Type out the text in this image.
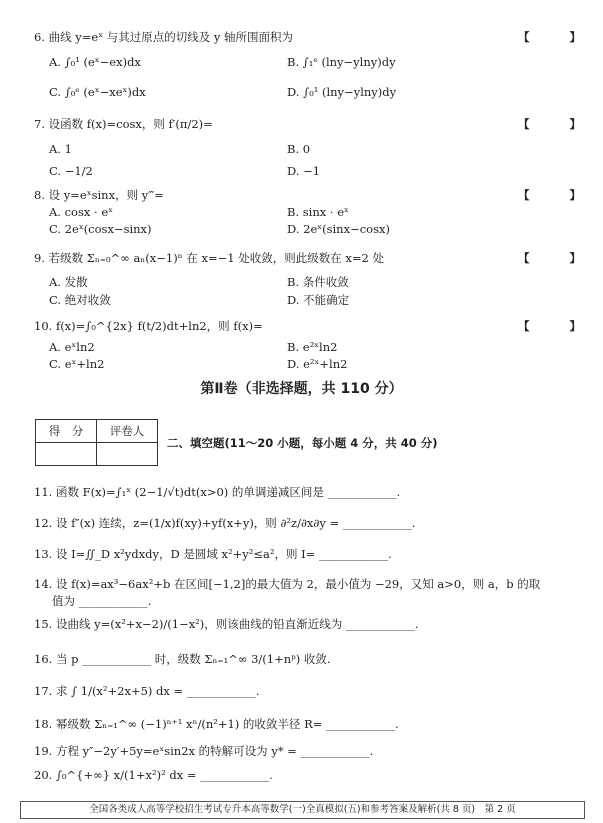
6. 曲线 y=eˣ 与其过原点的切线及 y 轴所围面积为	【 】
A. ∫₀¹ (eˣ−ex)dx	B. ∫₁ᵉ (lny−ylny)dy
C. ∫₀ᵉ (eˣ−xeˣ)dx	D. ∫₀¹ (lny−ylny)dy
7. 设函数 f(x)=cosx，则 f′(π/2)=	【 】
A. 1	B. 0
C. −1/2	D. −1
8. 设 y=eˣsinx，则 y‴=	【 】
A. cosx · eˣ	B. sinx · eˣ
C. 2eˣ(cosx−sinx)	D. 2eˣ(sinx−cosx)
9. 若级数 Σₙ₌₀^∞ aₙ(x−1)ⁿ 在 x=−1 处收敛，则此级数在 x=2 处	【 】
A. 发散	B. 条件收敛
C. 绝对收敛	D. 不能确定
10. f(x)=∫₀^{2x} f(t/2)dt+ln2，则 f(x)=	【 】
A. eˣln2	B. e²ˣln2
C. eˣ+ln2	D. e²ˣ+ln2
第Ⅱ卷（非选择题，共 110 分）
得　分	评卷人

二、填空题(11～20 小题，每小题 4 分，共 40 分)
11. 函数 F(x)=∫₁ˣ (2−1/√t)dt(x>0) 的单调递减区间是 ____________.
12. 设 f″(x) 连续，z=(1/x)f(xy)+yf(x+y)，则 ∂²z/∂x∂y = ____________.
13. 设 I=∬_D x²ydxdy，D 是圆域 x²+y²≤a²，则 I= ____________.
14. 设 f(x)=ax³−6ax²+b 在区间[−1,2]的最大值为 2，最小值为 −29，又知 a>0，则 a，b 的取
值为 ____________.
15. 设曲线 y=(x²+x−2)/(1−x²)，则该曲线的铅直渐近线为 ____________.
16. 当 p ____________ 时，级数 Σₙ₌₁^∞ 3/(1+nᵖ) 收敛.
17. 求 ∫ 1/(x²+2x+5) dx = ____________.
18. 幂级数 Σₙ₌₁^∞ (−1)ⁿ⁺¹ xⁿ/(n²+1) 的收敛半径 R= ____________.
19. 方程 y″−2y′+5y=eˣsin2x 的特解可设为 y* = ____________.
20. ∫₀^{+∞} x/(1+x²)² dx = ____________.
全国各类成人高等学校招生考试专升本高等数学(一)全真模拟(五)和参考答案及解析(共 8 页)　第 2 页
